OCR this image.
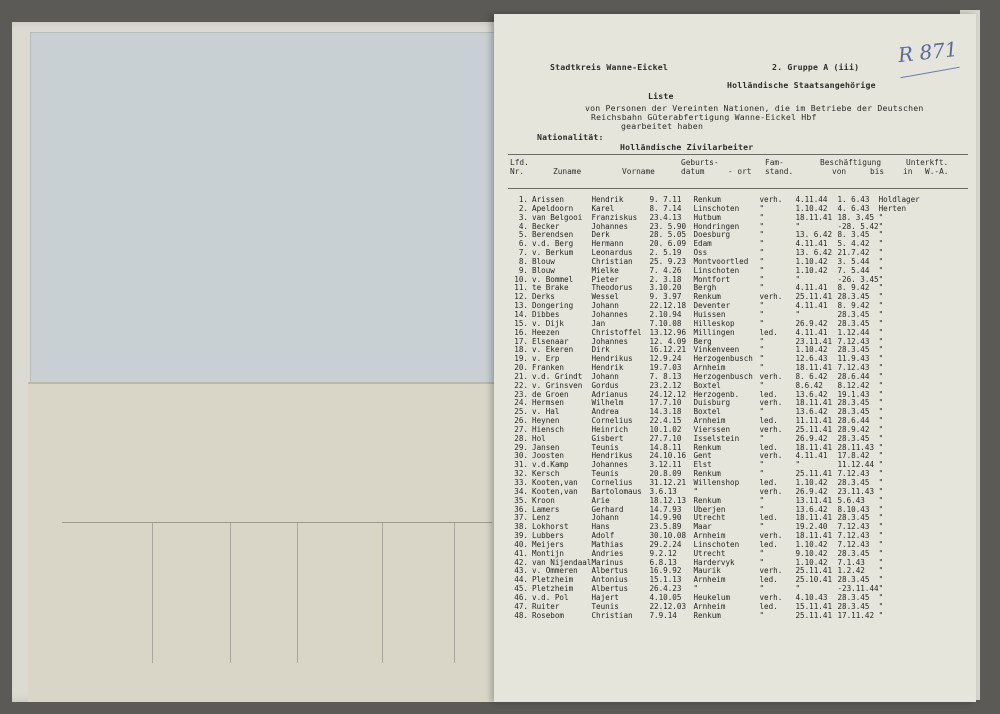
Stadtkreis Wanne-Eickel	2. Gruppe A (iii)
Holländische Staatsangehörige
Liste
von Personen der Vereinten Nationen, die im Betriebe der Deutschen
Reichsbahn Güterabfertigung Wanne-Eickel Hbf
gearbeitet haben
Nationalität:
Holländische Zivilarbeiter
R 871
Lfd. Nr.	Zuname	Vorname
Geburts- datum	- ort
Fam- stand.
Beschäftigung
von	bis
Unterkft.
in W.-A.
1.	Arissen	Hendrik	9. 7.11	Renkum	verh.	4.11.44	1. 6.43	Holdlager
2.	Apeldoorn	Karel	8. 7.14	Linschoten	"	1.10.42	4. 6.43	Herten
3.	van Belgooi	Franziskus	23.4.13	Hutbum	"	18.11.41	18. 3.45	"
4.	Becker	Johannes	23. 5.90	Hondringen	"	"	-28. 5.42	"
5.	Berendsen	Derk	28. 5.05	Doesburg	"	13. 6.42	8. 3.45	"
6.	v.d. Berg	Hermann	20. 6.09	Edam	"	4.11.41	5. 4.42	"
7.	v. Berkum	Leonardus	2. 5.19	Oss	"	13. 6.42	21.7.42	"
8.	Blouw	Christian	25. 9.23	Montvoortled	"	1.10.42	3. 5.44	"
9.	Blouw	Mielke	7. 4.26	Linschoten	"	1.10.42	7. 5.44	"
10.	v. Bommel	Pieter	2. 3.18	Montfort	"	"	-26. 3.45	"
11.	te Brake	Theodorus	3.10.20	Bergh	"	4.11.41	8. 9.42	"
12.	Derks	Wessel	9. 3.97	Renkum	verh.	25.11.41	28.3.45	"
13.	Dongering	Johann	22.12.18	Deventer	"	4.11.41	8. 9.42	"
14.	Dibbes	Johannes	2.10.94	Huissen	"	"	28.3.45	"
15.	v. Dijk	Jan	7.10.08	Hilleskop	"	26.9.42	28.3.45	"
16.	Heezen	Christoffel	13.12.96	Millingen	led.	4.11.41	1.12.44	"
17.	Elsenaar	Johannes	12. 4.09	Berg	"	23.11.41	7.12.43	"
18.	v. Ekeren	Dirk	16.12.21	Vinkenveen	"	1.10.42	28.3.45	"
19.	v. Erp	Hendrikus	12.9.24	Herzogenbusch	"	12.6.43	11.9.43	"
20.	Franken	Hendrik	19.7.03	Arnheim	"	18.11.41	7.12.43	"
21.	v.d. Grindt	Johann	7. 8.13	Herzogenbusch	verh.	8. 6.42	28.6.44	"
22.	v. Grinsven	Gordus	23.2.12	Boxtel	"	8.6.42	8.12.42	"
23.	de Groen	Adrianus	24.12.12	Herzogenb.	led.	13.6.42	19.1.43	"
24.	Hermsen	Wilhelm	17.7.10	Duisburg	verh.	18.11.41	28.3.45	"
25.	v. Hal	Andrea	14.3.18	Boxtel	"	13.6.42	28.3.45	"
26.	Heynen	Cornelius	22.4.15	Arnheim	led.	11.11.41	28.6.44	"
27.	Hiensch	Heinrich	10.1.02	Vierssen	verh.	25.11.41	28.9.42	"
28.	Hol	Gisbert	27.7.10	Isselstein	"	26.9.42	28.3.45	"
29.	Jansen	Teunis	14.8.11	Renkum	led.	18.11.41	28.11.43	"
30.	Joosten	Hendrikus	24.10.16	Gent	verh.	4.11.41	17.8.42	"
31.	v.d.Kamp	Johannes	3.12.11	Elst	"	"	11.12.44	"
32.	Kersch	Teunis	20.8.09	Renkum	"	25.11.41	7.12.43	"
33.	Kooten,van	Cornelius	31.12.21	Willenshop	led.	1.10.42	28.3.45	"
34.	Kooten,van	Bartolomaus	3.6.13	"	verh.	26.9.42	23.11.43	"
35.	Kroon	Arie	18.12.13	Renkum	"	13.11.41	5.6.43	"
36.	Lamers	Gerhard	14.7.93	Uberjen	"	13.6.42	8.10.43	"
37.	Lenz	Johann	14.9.90	Utrecht	led.	18.11.41	28.3.45	"
38.	Lokhorst	Hans	23.5.89	Maar	"	19.2.40	7.12.43	"
39.	Lubbers	Adolf	30.10.08	Arnheim	verh.	18.11.41	7.12.43	"
40.	Meijers	Mathias	29.2.24	Linschoten	led.	1.10.42	7.12.43	"
41.	Montijn	Andries	9.2.12	Utrecht	"	9.10.42	28.3.45	"
42.	van Nijendaal	Marinus	6.8.13	Hardervyk	"	1.10.42	7.1.43	"
43.	v. Ommeren	Albertus	16.9.92	Maurik	verh.	25.11.41	1.2.42	"
44.	Pletzheim	Antonius	15.1.13	Arnheim	led.	25.10.41	28.3.45	"
45.	Pletzheim	Albertus	26.4.23	"	"	"	-23.11.44	"
46.	v.d. Pol	Hajert	4.10.05	Heukelum	verh.	4.10.43	28.3.45	"
47.	Ruiter	Teunis	22.12.03	Arnheim	led.	15.11.41	28.3.45	"
48.	Rosebom	Christian	7.9.14	Renkum	"	25.11.41	17.11.42	"
